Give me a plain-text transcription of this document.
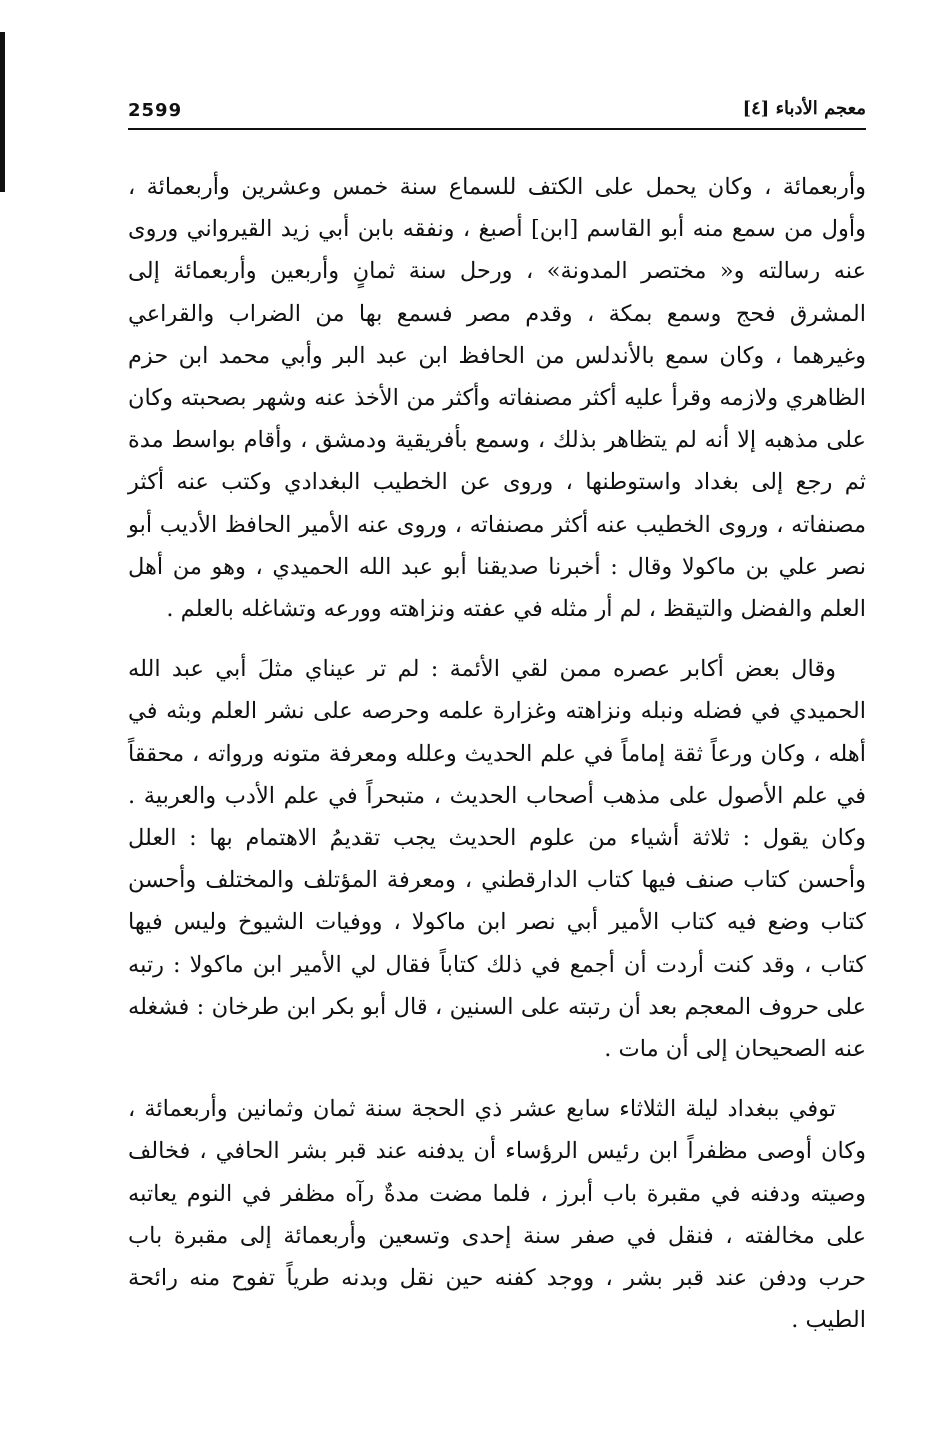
2599	معجم الأدباء [٤]

وأربعمائة ، وكان يحمل على الكتف للسماع سنة خمس وعشرين وأربعمائة ، وأول من سمع منه أبو القاسم [ابن] أصبغ ، ونفقه بابن أبي زيد القيرواني وروى عنه رسالته و« مختصر المدونة» ، ورحل سنة ثمانٍ وأربعين وأربعمائة إلى المشرق فحج وسمع بمكة ، وقدم مصر فسمع بها من الضراب والقراعي وغيرهما ، وكان سمع بالأندلس من الحافظ ابن عبد البر وأبي محمد ابن حزم الظاهري ولازمه وقرأ عليه أكثر مصنفاته وأكثر من الأخذ عنه وشهر بصحبته وكان على مذهبه إلا أنه لم يتظاهر بذلك ، وسمع بأفريقية ودمشق ، وأقام بواسط مدة ثم رجع إلى بغداد واستوطنها ، وروى عن الخطيب البغدادي وكتب عنه أكثر مصنفاته ، وروى الخطيب عنه أكثر مصنفاته ، وروى عنه الأمير الحافظ الأديب أبو نصر علي بن ماكولا وقال : أخبرنا صديقنا أبو عبد الله الحميدي ، وهو من أهل العلم والفضل والتيقظ ، لم أر مثله في عفته ونزاهته وورعه وتشاغله بالعلم .

وقال بعض أكابر عصره ممن لقي الأئمة : لم تر عيناي مثلَ أبي عبد الله الحميدي في فضله ونبله ونزاهته وغزارة علمه وحرصه على نشر العلم وبثه في أهله ، وكان ورعاً ثقة إماماً في علم الحديث وعلله ومعرفة متونه ورواته ، محققاً في علم الأصول على مذهب أصحاب الحديث ، متبحراً في علم الأدب والعربية . وكان يقول : ثلاثة أشياء من علوم الحديث يجب تقديمُ الاهتمام بها : العلل وأحسن كتاب صنف فيها كتاب الدارقطني ، ومعرفة المؤتلف والمختلف وأحسن كتاب وضع فيه كتاب الأمير أبي نصر ابن ماكولا ، ووفيات الشيوخ وليس فيها كتاب ، وقد كنت أردت أن أجمع في ذلك كتاباً فقال لي الأمير ابن ماكولا : رتبه على حروف المعجم بعد أن رتبته على السنين ، قال أبو بكر ابن طرخان : فشغله عنه الصحيحان إلى أن مات .

توفي ببغداد ليلة الثلاثاء سابع عشر ذي الحجة سنة ثمان وثمانين وأربعمائة ، وكان أوصى مظفراً ابن رئيس الرؤساء أن يدفنه عند قبر بشر الحافي ، فخالف وصيته ودفنه في مقبرة باب أبرز ، فلما مضت مدةٌ رآه مظفر في النوم يعاتبه على مخالفته ، فنقل في صفر سنة إحدى وتسعين وأربعمائة إلى مقبرة باب حرب ودفن عند قبر بشر ، ووجد كفنه حين نقل وبدنه طرياً تفوح منه رائحة الطيب .
